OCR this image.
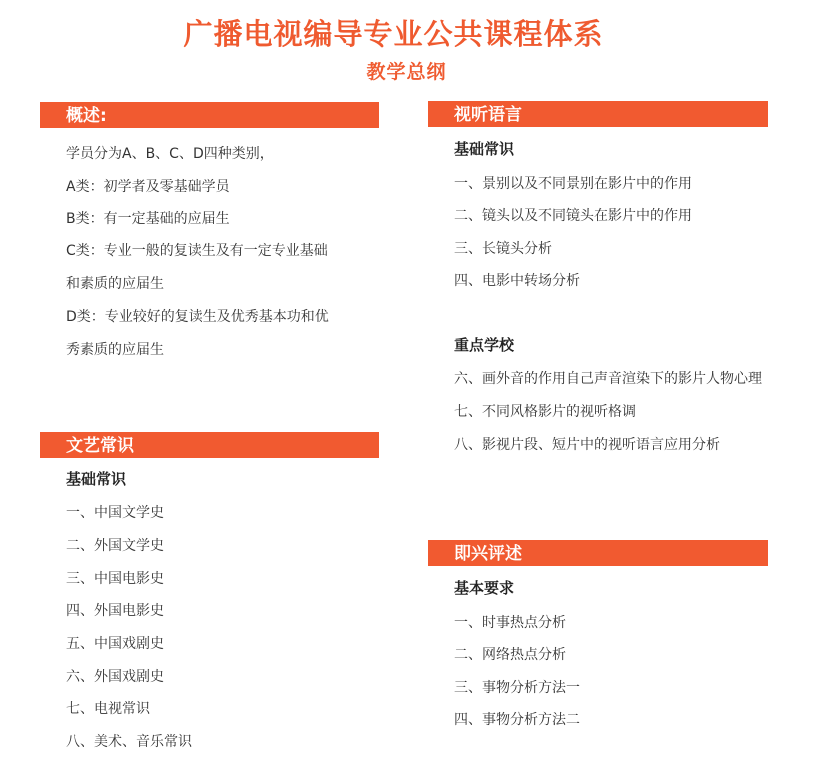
广播电视编导专业公共课程体系
教学总纲
概述:
学员分为A、B、C、D四种类别，
A类：初学者及零基础学员
B类：有一定基础的应届生
C类：专业一般的复读生及有一定专业基础
和素质的应届生
D类：专业较好的复读生及优秀基本功和优
秀素质的应届生
文艺常识
基础常识
一、中国文学史
二、外国文学史
三、中国电影史
四、外国电影史
五、中国戏剧史
六、外国戏剧史
七、电视常识
八、美术、音乐常识
视听语言
基础常识
一、景别以及不同景别在影片中的作用
二、镜头以及不同镜头在影片中的作用
三、长镜头分析
四、电影中转场分析
重点学校
六、画外音的作用自己声音渲染下的影片人物心理
七、不同风格影片的视听格调
八、影视片段、短片中的视听语言应用分析
即兴评述
基本要求
一、时事热点分析
二、网络热点分析
三、事物分析方法一
四、事物分析方法二
